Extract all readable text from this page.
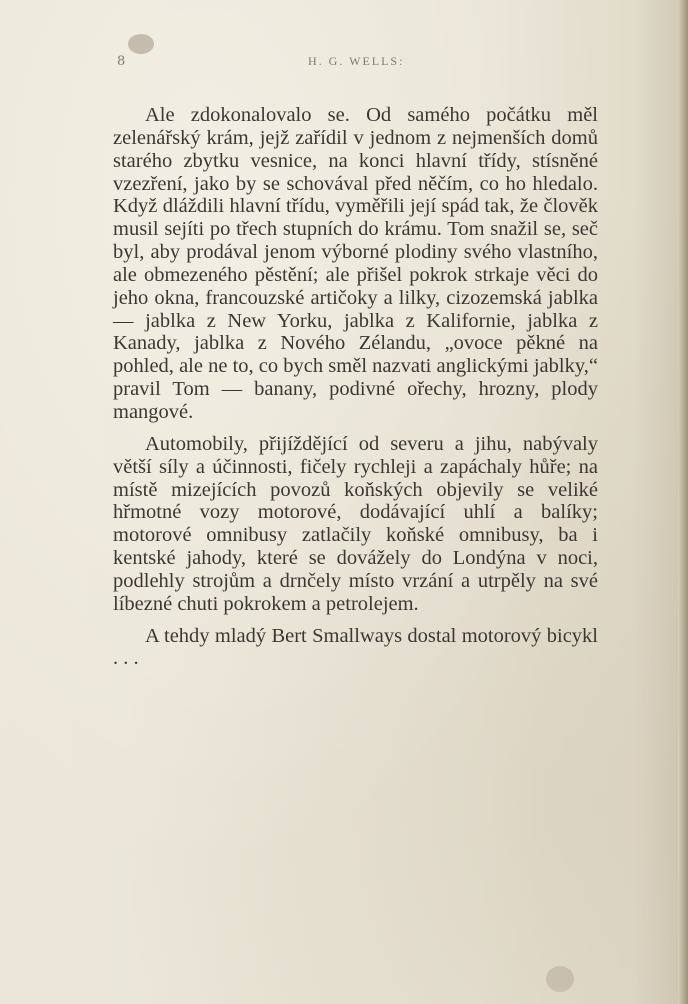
8	H. G. WELLS:

Ale zdokonalovalo se. Od samého počátku měl zelenářský krám, jejž zařídil v jednom z nejmenších domů starého zbytku vesnice, na konci hlavní třídy, stísněné vzezření, jako by se schovával před něčím, co ho hledalo. Když dláždili hlavní třídu, vyměřili její spád tak, že člověk musil sejíti po třech stupních do krámu. Tom snažil se, seč byl, aby prodával jenom výborné plodiny svého vlastního, ale obmezeného pěstění; ale přišel pokrok strkaje věci do jeho okna, francouzské artičoky a lilky, cizozemská jablka — jablka z New Yorku, jablka z Kalifornie, jablka z Kanady, jablka z Nového Zélandu, „ovoce pěkné na pohled, ale ne to, co bych směl nazvati anglickými jablky,“ pravil Tom — banany, podivné ořechy, hrozny, plody mangové.

Automobily, přijíždějící od severu a jihu, nabývaly větší síly a účinnosti, fičely rychleji a zapáchaly hůře; na místě mizejících povozů koňských objevily se veliké hřmotné vozy motorové, dodávající uhlí a balíky; motorové omnibusy zatlačily koňské omnibusy, ba i kentské jahody, které se dovážely do Londýna v noci, podlehly strojům a drnčely místo vrzání a utrpěly na své líbezné chuti pokrokem a petrolejem.

A tehdy mladý Bert Smallways dostal motorový bicykl . . .
